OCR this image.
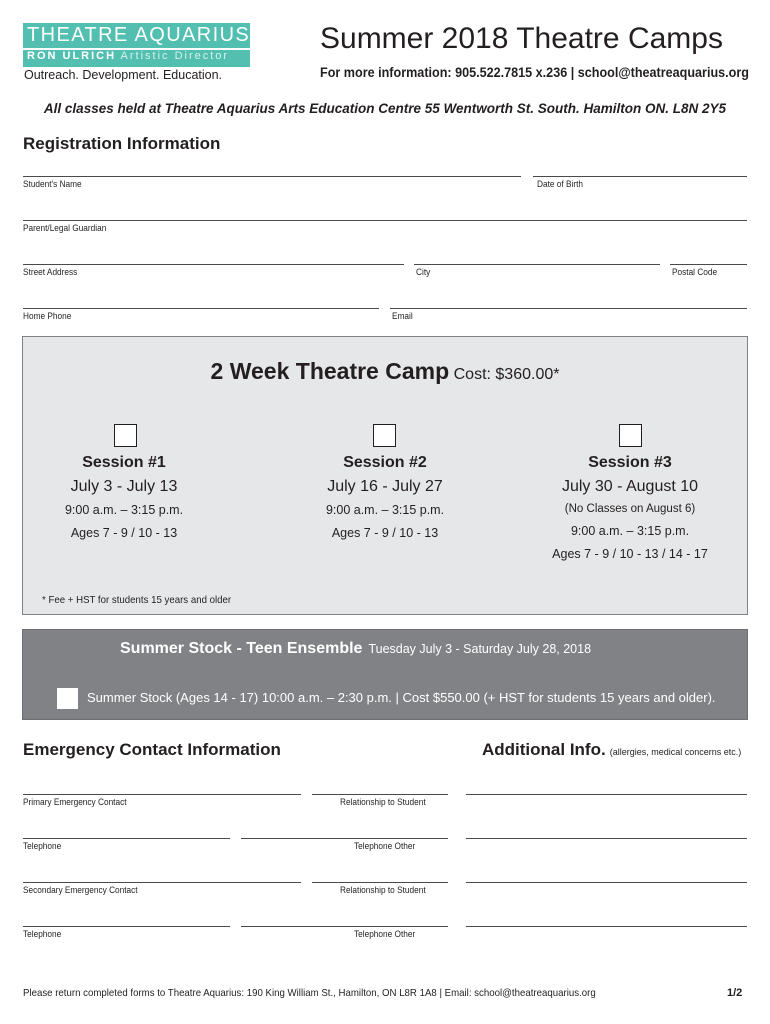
THEATRE AQUARIUS
RON ULRICH Artistic Director
Outreach. Development. Education.
Summer 2018 Theatre Camps
For more information: 905.522.7815 x.236 | school@theatreaquarius.org
All classes held at Theatre Aquarius Arts Education Centre 55 Wentworth St. South. Hamilton ON. L8N 2Y5
Registration Information
Student's Name	Date of Birth
Parent/Legal Guardian
Street Address	City	Postal Code
Home Phone	Email
2 Week Theatre Camp Cost: $360.00*
Session #1
July 3 - July 13
9:00 a.m. – 3:15 p.m.
Ages 7 - 9 / 10 - 13
Session #2
July 16 - July 27
9:00 a.m. – 3:15 p.m.
Ages 7 - 9 / 10 - 13
Session #3
July 30 - August 10
(No Classes on August 6)
9:00 a.m. – 3:15 p.m.
Ages 7 - 9 / 10 - 13 / 14 - 17
* Fee + HST for students 15 years and older
Summer Stock - Teen Ensemble Tuesday July 3 - Saturday July 28, 2018
Summer Stock (Ages 14 - 17) 10:00 a.m. – 2:30 p.m. | Cost $550.00 (+ HST for students 15 years and older).
Emergency Contact Information	Additional Info. (allergies, medical concerns etc.)
Primary Emergency Contact	Relationship to Student
Telephone	Telephone Other
Secondary Emergency Contact	Relationship to Student
Telephone	Telephone Other
Please return completed forms to Theatre Aquarius: 190 King William St., Hamilton, ON L8R 1A8 | Email: school@theatreaquarius.org	1/2
